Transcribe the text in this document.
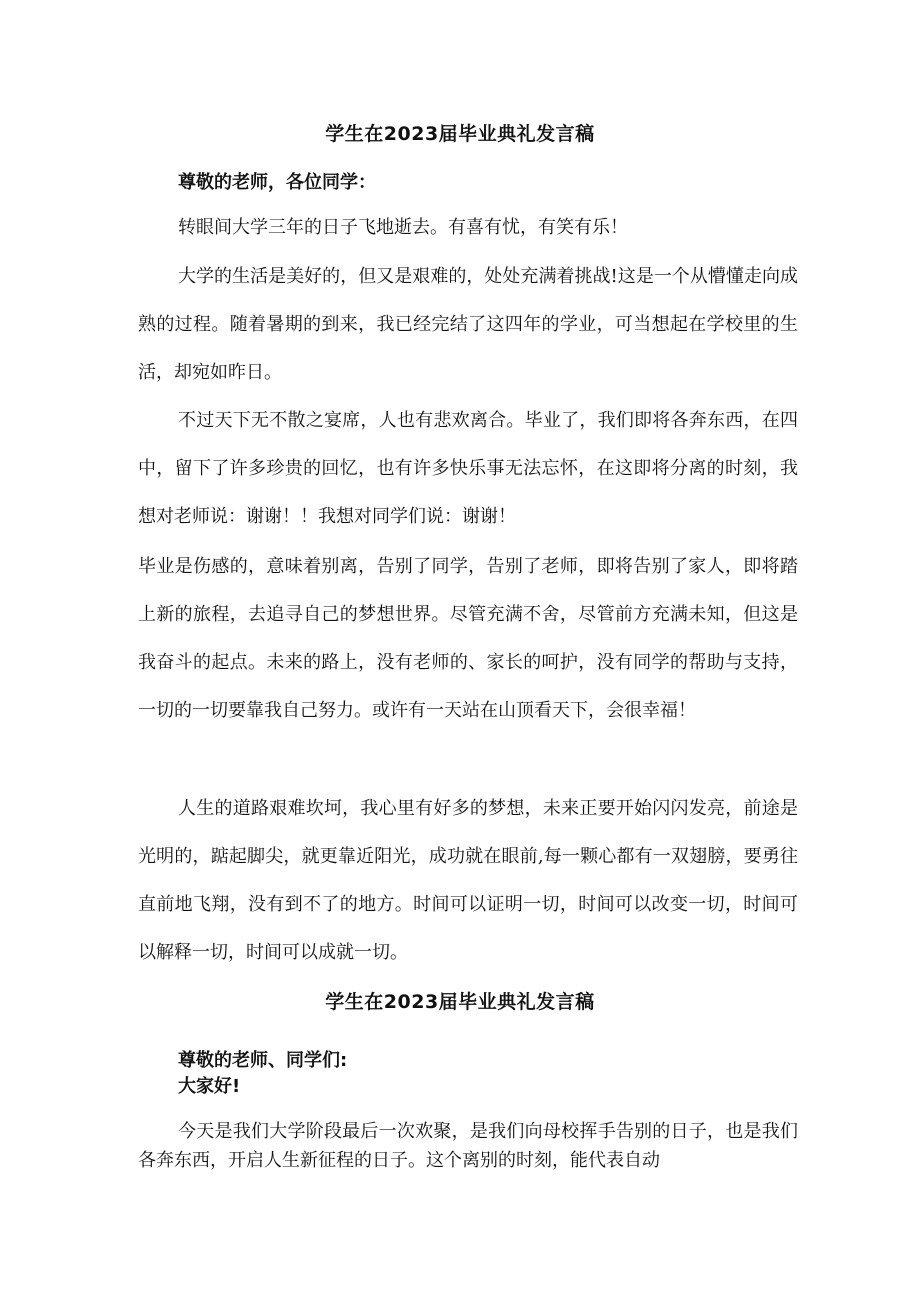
学生在2023届毕业典礼发言稿

尊敬的老师，各位同学：

转眼间大学三年的日子飞地逝去。有喜有忧，有笑有乐！

大学的生活是美好的，但又是艰难的，处处充满着挑战!这是一个从懵懂走向成熟的过程。随着暑期的到来，我已经完结了这四年的学业，可当想起在学校里的生活，却宛如昨日。

不过天下无不散之宴席，人也有悲欢离合。毕业了，我们即将各奔东西，在四中，留下了许多珍贵的回忆，也有许多快乐事无法忘怀，在这即将分离的时刻，我想对老师说：谢谢！！我想对同学们说：谢谢！

毕业是伤感的，意味着别离，告别了同学，告别了老师，即将告别了家人，即将踏上新的旅程，去追寻自己的梦想世界。尽管充满不舍，尽管前方充满未知，但这是我奋斗的起点。未来的路上，没有老师的、家长的呵护，没有同学的帮助与支持，一切的一切要靠我自己努力。或许有一天站在山顶看天下，会很幸福！

人生的道路艰难坎坷，我心里有好多的梦想，未来正要开始闪闪发亮，前途是光明的，踮起脚尖，就更靠近阳光，成功就在眼前,每一颗心都有一双翅膀，要勇往直前地飞翔，没有到不了的地方。时间可以证明一切，时间可以改变一切，时间可以解释一切，时间可以成就一切。

学生在2023届毕业典礼发言稿

尊敬的老师、同学们:

大家好!

今天是我们大学阶段最后一次欢聚，是我们向母校挥手告别的日子，也是我们各奔东西，开启人生新征程的日子。这个离别的时刻，能代表自动
